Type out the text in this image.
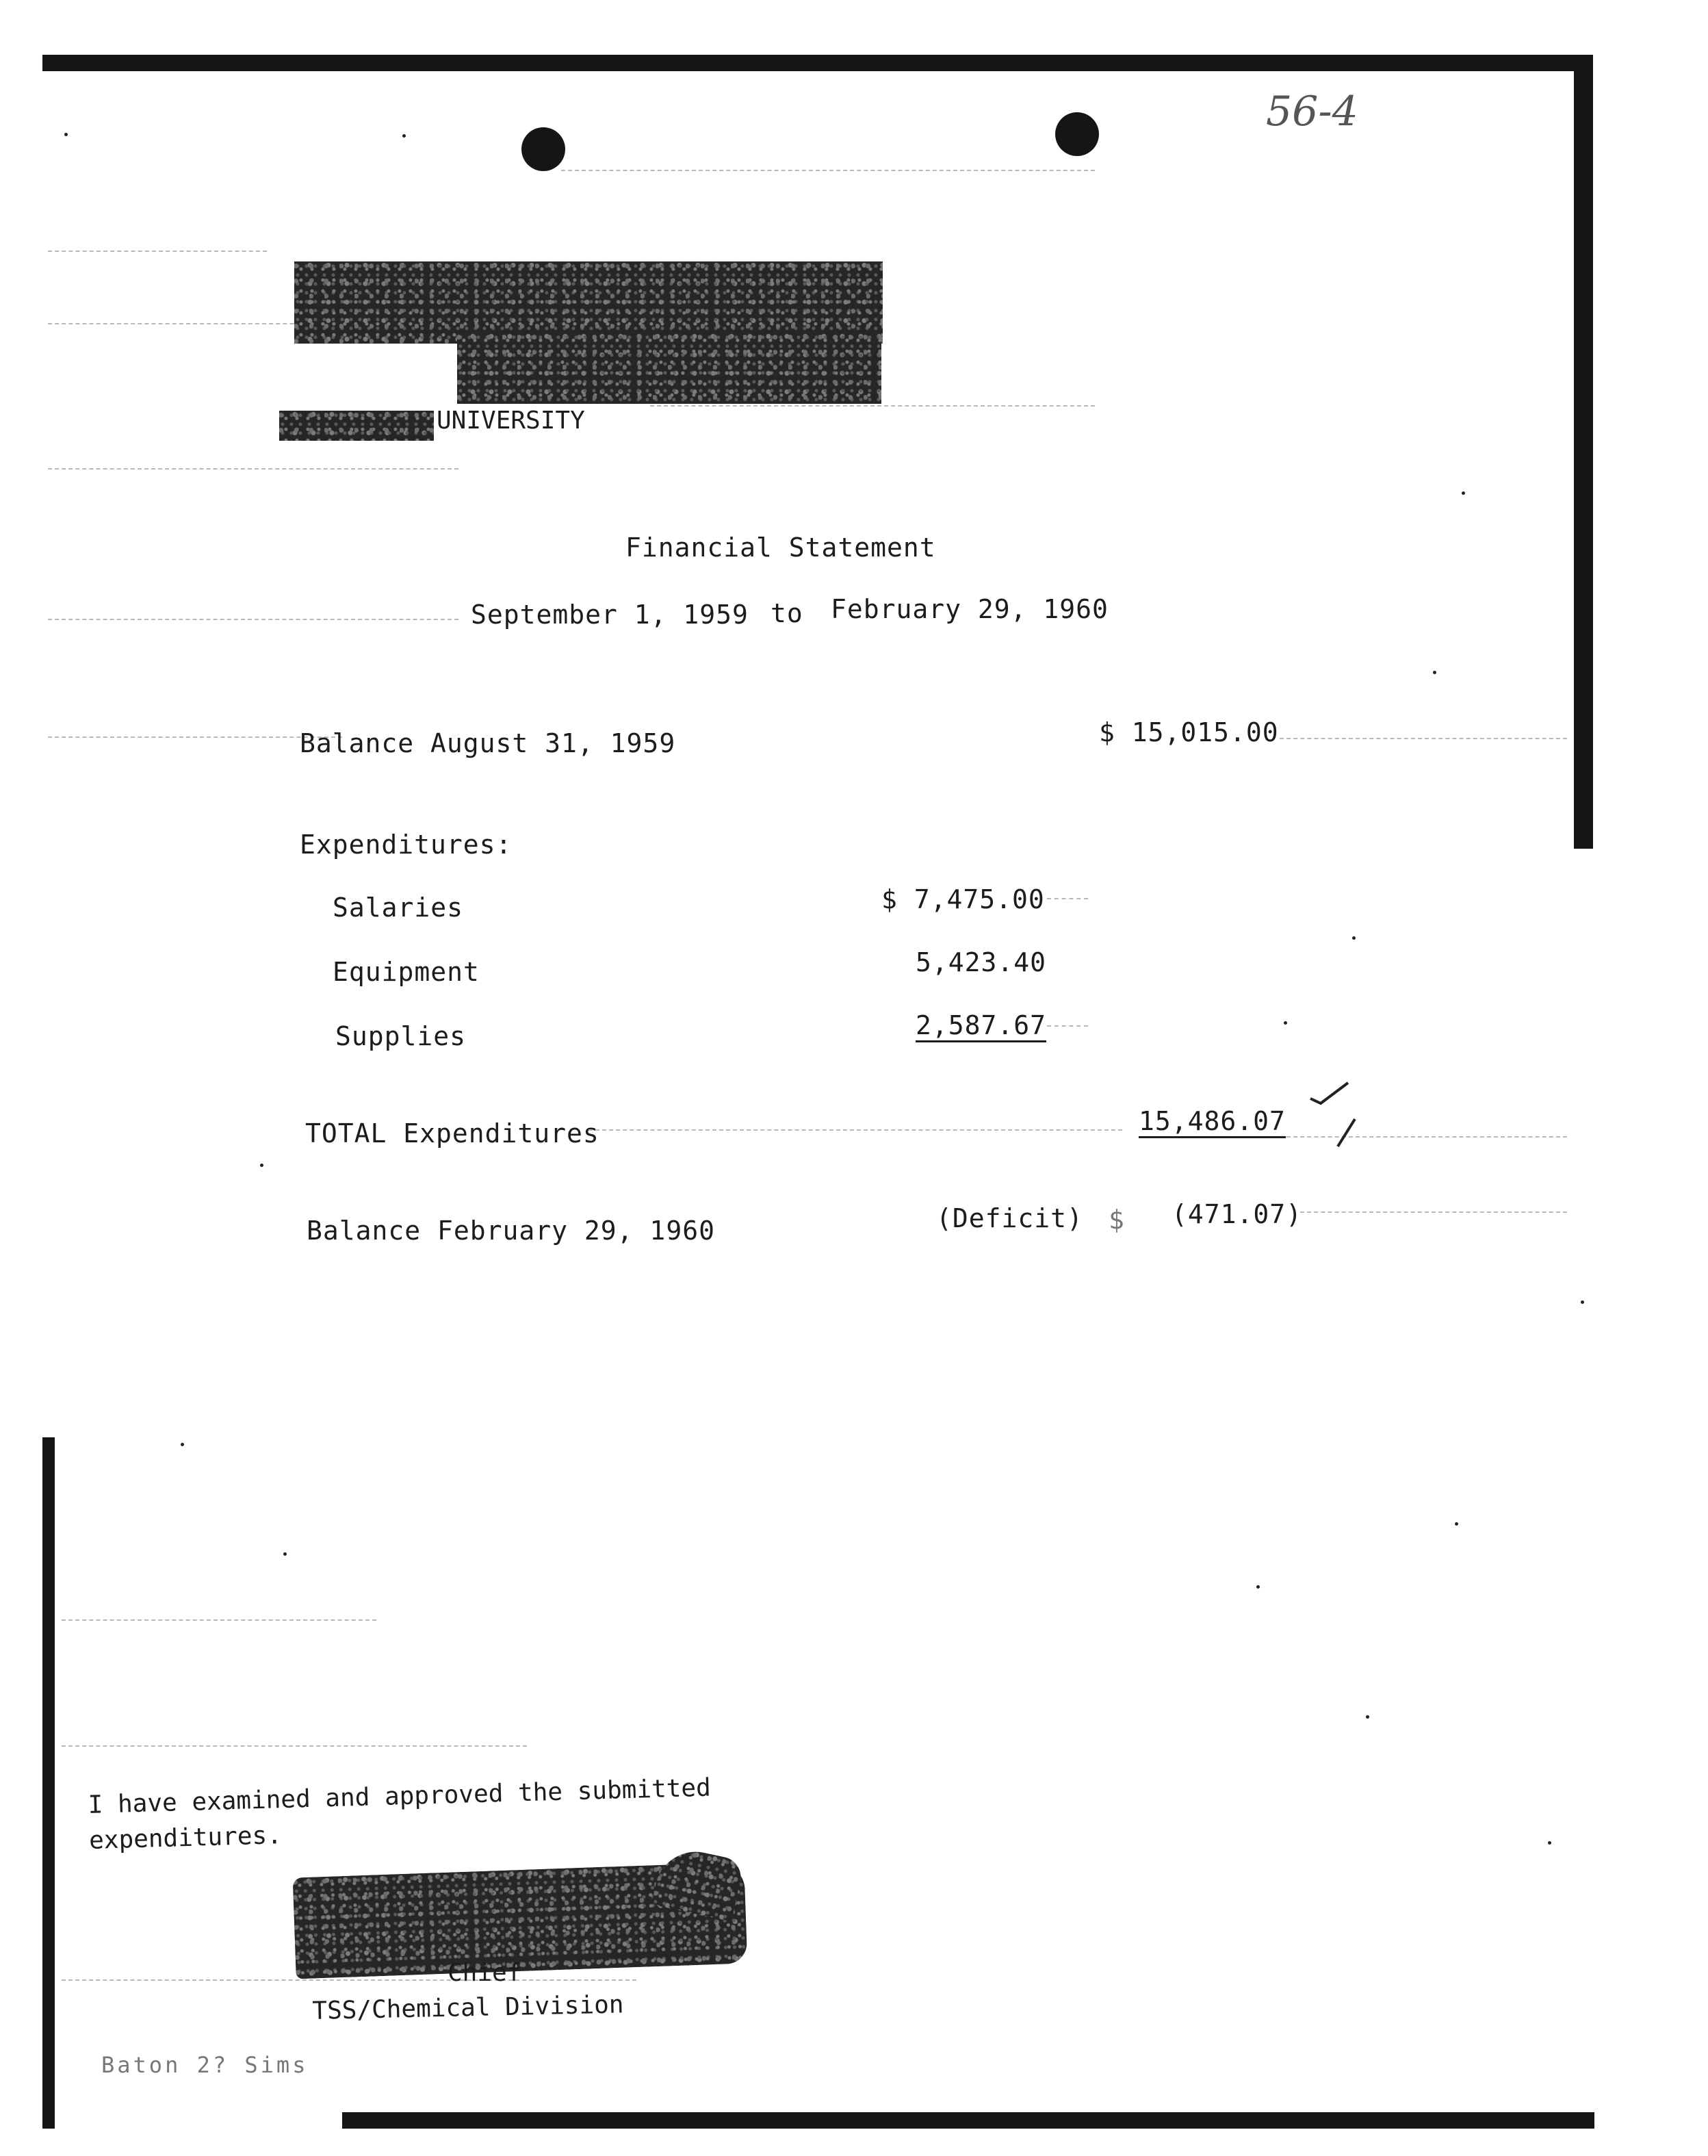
56-4
UNIVERSITY
Financial Statement
September 1, 1959 to February 29, 1960
Balance August 31, 1959	$ 15,015.00
Expenditures:
Salaries	$ 7,475.00
Equipment	5,423.40
Supplies	2,587.67
TOTAL Expenditures	15,486.07
Balance February 29, 1960	(Deficit) $ (471.07)
I have examined and approved the submitted
expenditures.
Chief
TSS/Chemical Division
Baton 2? Sims
